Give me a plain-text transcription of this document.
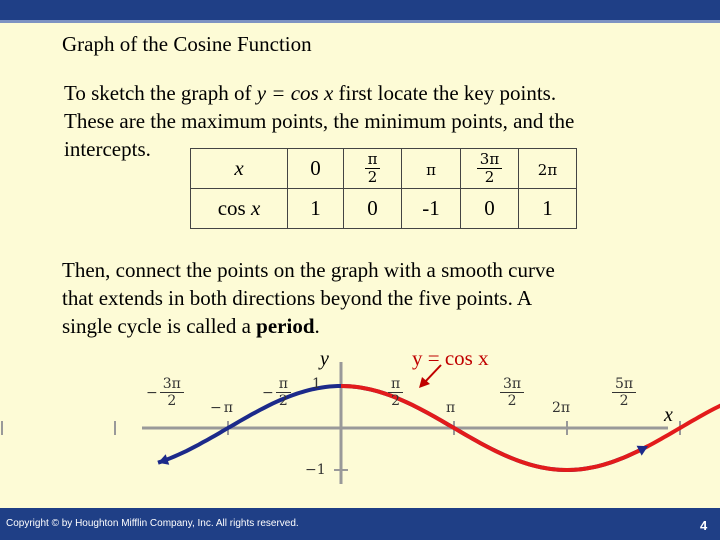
Graph of the Cosine Function
To sketch the graph of y = cos x first locate the key points.
These are the maximum points, the minimum points, and the
intercepts.
x	0	$\frac{\pi}{2}$	π	$\frac{3\pi}{2}$	2π
cos x	1	0	-1	0	1
Then, connect the points on the graph with a smooth curve
that extends in both directions beyond the five points. A
single cycle is called a period.
− $\frac{3\pi}{2} - \pi$
− $\frac{\pi}{2}$	$\frac{\pi}{2}$	π	$\frac{3\pi}{2} 2\pi$	$\frac{5\pi}{2}$
1
−1
y
x
y = cos x
Copyright © by Houghton Mifflin Company, Inc. All rights reserved.	4
